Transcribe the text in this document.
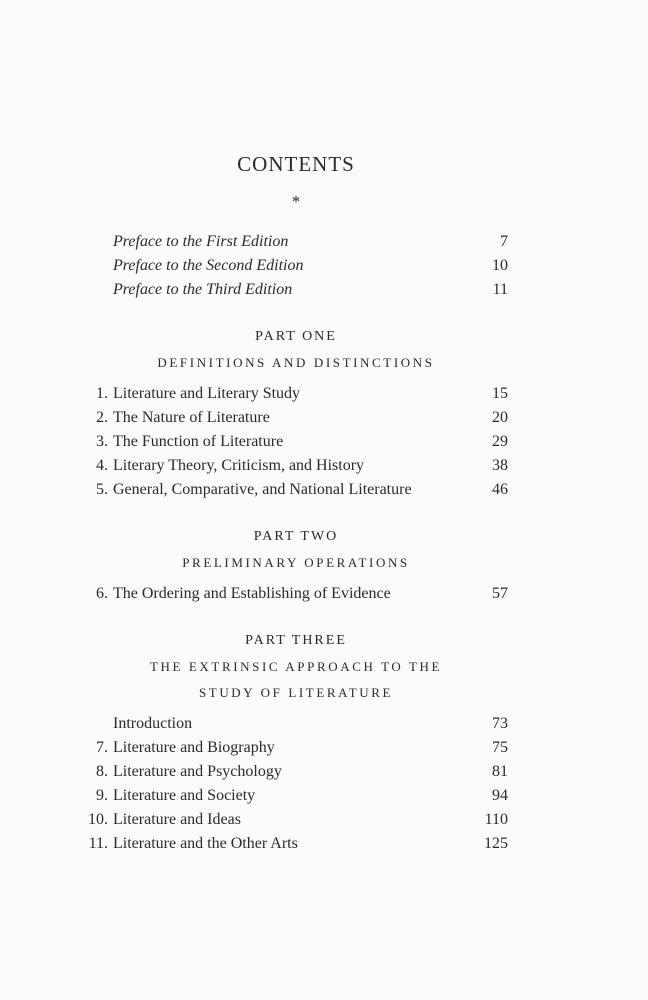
CONTENTS
*
Preface to the First Edition	7
Preface to the Second Edition	10
Preface to the Third Edition	11
PART ONE
DEFINITIONS AND DISTINCTIONS
1. Literature and Literary Study	15
2. The Nature of Literature	20
3. The Function of Literature	29
4. Literary Theory, Criticism, and History	38
5. General, Comparative, and National Literature	46
PART TWO
PRELIMINARY OPERATIONS
6. The Ordering and Establishing of Evidence	57
PART THREE
THE EXTRINSIC APPROACH TO THE
STUDY OF LITERATURE
Introduction	73
7. Literature and Biography	75
8. Literature and Psychology	81
9. Literature and Society	94
10. Literature and Ideas	110
11. Literature and the Other Arts	125
